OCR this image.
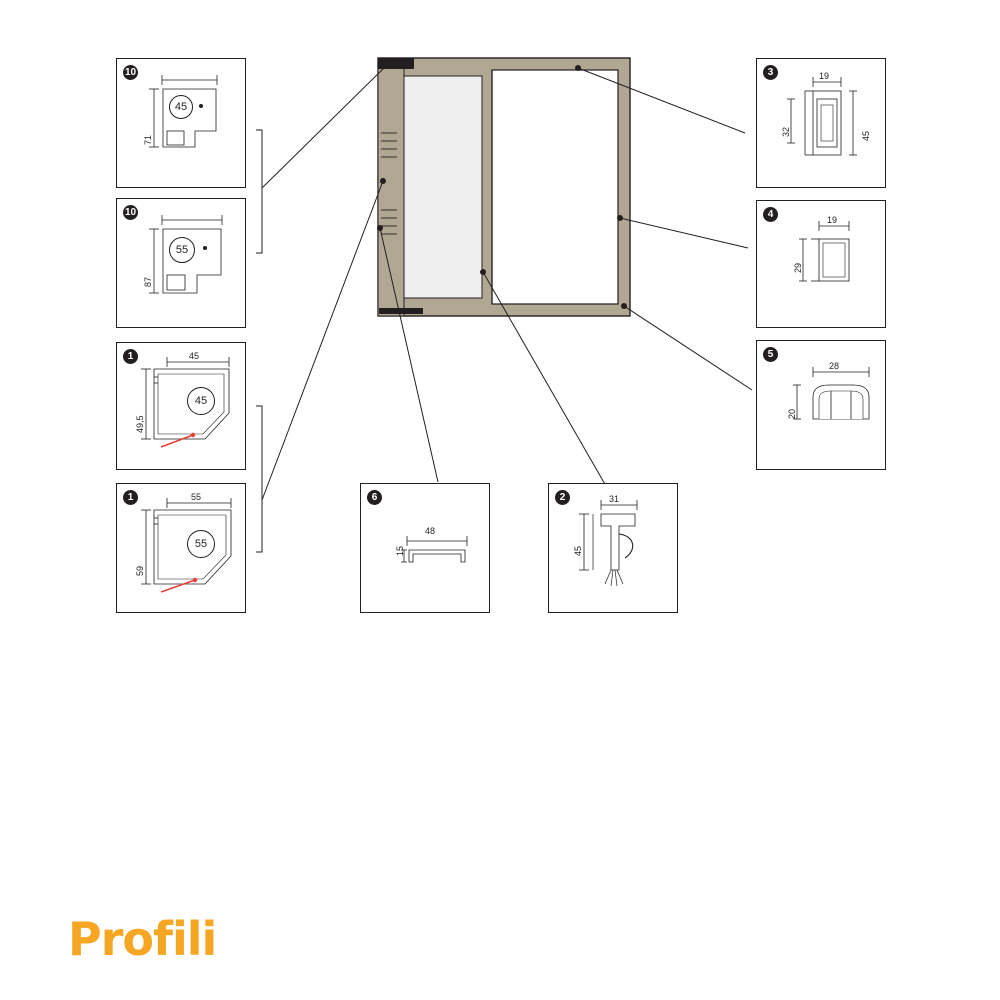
10
71
45
10
87
55
1	45
49,5
45
1	55
59
55
6
48
15
2	31
45
3	19
32	45
4	19
29
5
28
20
Profili
